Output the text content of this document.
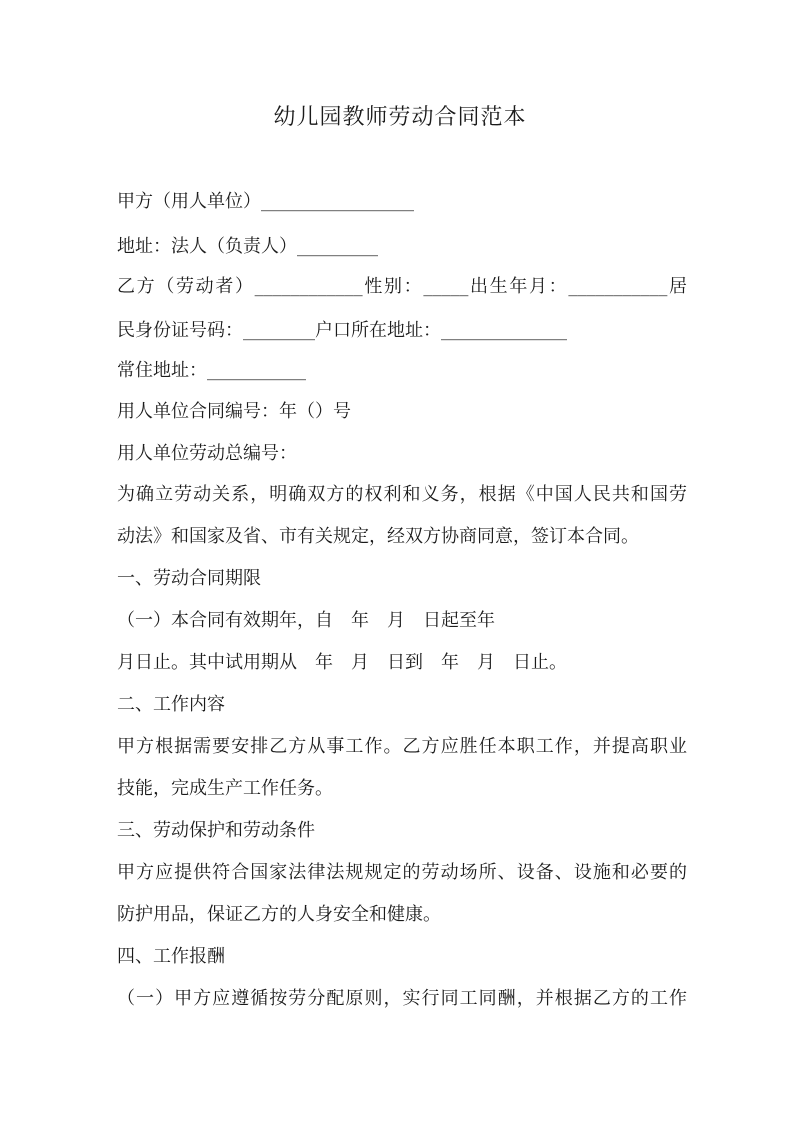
幼儿园教师劳动合同范本
甲方（用人单位）_________________
地址：法人（负责人）_________
乙方（劳动者）____________性别：_____出生年月：___________居
民身份证号码：________户口所在地址：______________
常住地址：___________
用人单位合同编号：年（）号
用人单位劳动总编号：
为确立劳动关系，明确双方的权利和义务，根据《中国人民共和国劳
动法》和国家及省、市有关规定，经双方协商同意，签订本合同。
一、劳动合同期限
（一）本合同有效期年，自　年　月　日起至年
月日止。其中试用期从　年　月　日到　年　月　日止。
二、工作内容
甲方根据需要安排乙方从事工作。乙方应胜任本职工作，并提高职业
技能，完成生产工作任务。
三、劳动保护和劳动条件
甲方应提供符合国家法律法规规定的劳动场所、设备、设施和必要的
防护用品，保证乙方的人身安全和健康。
四、工作报酬
（一）甲方应遵循按劳分配原则，实行同工同酬，并根据乙方的工作
